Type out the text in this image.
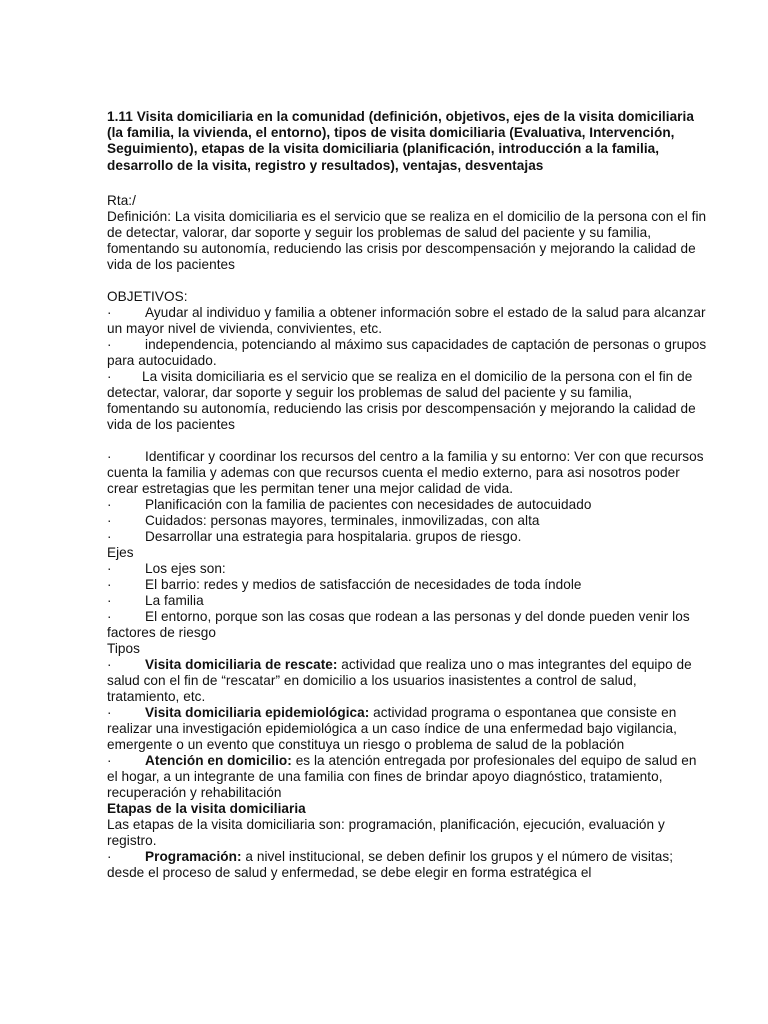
1.11 Visita domiciliaria en la comunidad (definición, objetivos, ejes de la visita domiciliaria (la familia, la vivienda, el entorno), tipos de visita domiciliaria (Evaluativa, Intervención, Seguimiento), etapas de la visita domiciliaria (planificación, introducción a la familia, desarrollo de la visita, registro y resultados), ventajas, desventajas

Rta:/

Definición: La visita domiciliaria es el servicio que se realiza en el domicilio de la persona con el fin de detectar, valorar, dar soporte y seguir los problemas de salud del paciente y su familia, fomentando su autonomía, reduciendo las crisis por descompensación y mejorando la calidad de vida de los pacientes

OBJETIVOS:

· Ayudar al individuo y familia a obtener información sobre el estado de la salud para alcanzar un mayor nivel de vivienda, convivientes, etc.

· independencia, potenciando al máximo sus capacidades de captación de personas o grupos para autocuidado.

· La visita domiciliaria es el servicio que se realiza en el domicilio de la persona con el fin de detectar, valorar, dar soporte y seguir los problemas de salud del paciente y su familia, fomentando su autonomía, reduciendo las crisis por descompensación y mejorando la calidad de vida de los pacientes

· Identificar y coordinar los recursos del centro a la familia y su entorno: Ver con que recursos cuenta la familia y ademas con que recursos cuenta el medio externo, para asi nosotros poder crear estretagias que les permitan tener una mejor calidad de vida.

· Planificación con la familia de pacientes con necesidades de autocuidado

· Cuidados: personas mayores, terminales, inmovilizadas, con alta

· Desarrollar una estrategia para hospitalaria. grupos de riesgo.

Ejes

· Los ejes son:

· El barrio: redes y medios de satisfacción de necesidades de toda índole

· La familia

· El entorno, porque son las cosas que rodean a las personas y del donde pueden venir los factores de riesgo

Tipos

· Visita domiciliaria de rescate: actividad que realiza uno o mas integrantes del equipo de salud con el fin de “rescatar” en domicilio a los usuarios inasistentes a control de salud, tratamiento, etc.

· Visita domiciliaria epidemiológica: actividad programa o espontanea que consiste en realizar una investigación epidemiológica a un caso índice de una enfermedad bajo vigilancia, emergente o un evento que constituya un riesgo o problema de salud de la población

· Atención en domicilio: es la atención entregada por profesionales del equipo de salud en el hogar, a un integrante de una familia con fines de brindar apoyo diagnóstico, tratamiento, recuperación y rehabilitación

Etapas de la visita domiciliaria

Las etapas de la visita domiciliaria son: programación, planificación, ejecución, evaluación y registro.

· Programación: a nivel institucional, se deben definir los grupos y el número de visitas; desde el proceso de salud y enfermedad, se debe elegir en forma estratégica el
